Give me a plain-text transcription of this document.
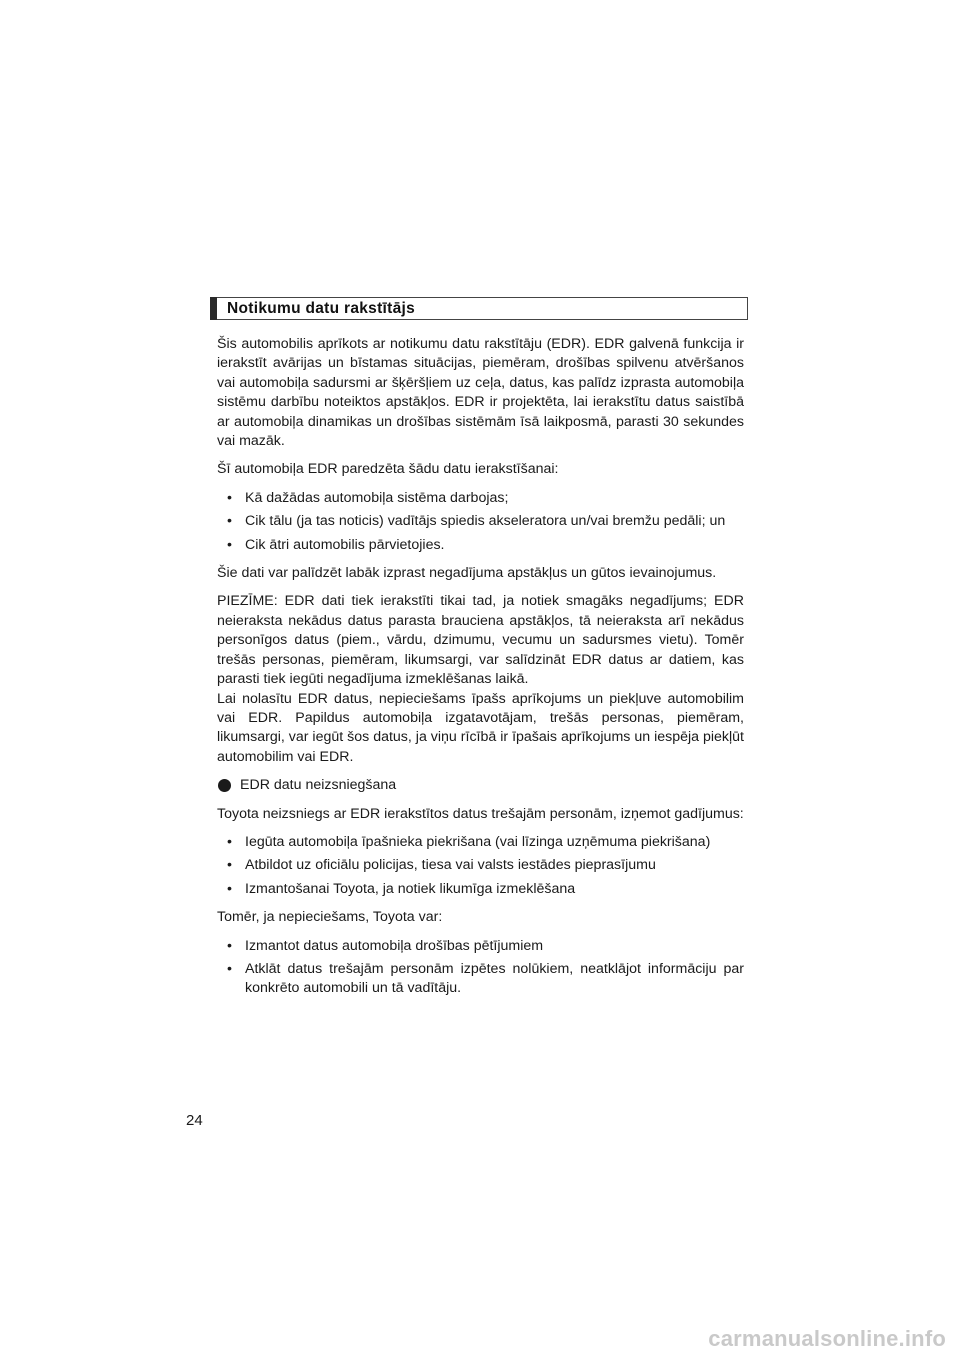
Notikumu datu rakstītājs

Šis automobilis aprīkots ar notikumu datu rakstītāju (EDR). EDR galvenā funkcija ir ierakstīt avārijas un bīstamas situācijas, piemēram, drošības spilvenu atvēršanos vai automobiļa sadursmi ar šķēršļiem uz ceļa, datus, kas palīdz izprasta automobiļa sistēmu darbību noteiktos apstākļos. EDR ir projektēta, lai ierakstītu datus saistībā ar automobiļa dinamikas un drošības sistēmām īsā laikposmā, parasti 30 sekundes vai mazāk.

Šī automobiļa EDR paredzēta šādu datu ierakstīšanai:

• Kā dažādas automobiļa sistēma darbojas;
• Cik tālu (ja tas noticis) vadītājs spiedis akseleratora un/vai bremžu pedāli; un
• Cik ātri automobilis pārvietojies.

Šie dati var palīdzēt labāk izprast negadījuma apstākļus un gūtos ievainojumus.

PIEZĪME: EDR dati tiek ierakstīti tikai tad, ja notiek smagāks negadījums; EDR neieraksta nekādus datus parasta brauciena apstākļos, tā neieraksta arī nekādus personīgos datus (piem., vārdu, dzimumu, vecumu un sadursmes vietu). Tomēr trešās personas, piemēram, likumsargi, var salīdzināt EDR datus ar datiem, kas parasti tiek iegūti negadījuma izmeklēšanas laikā.

Lai nolasītu EDR datus, nepieciešams īpašs aprīkojums un piekļuve automobilim vai EDR. Papildus automobiļa izgatavotājam, trešās personas, piemēram, likumsargi, var iegūt šos datus, ja viņu rīcībā ir īpašais aprīkojums un iespēja piekļūt automobilim vai EDR.

EDR datu neizsniegšana

Toyota neizsniegs ar EDR ierakstītos datus trešajām personām, izņemot gadījumus:

• Iegūta automobiļa īpašnieka piekrišana (vai līzinga uzņēmuma piekrišana)
• Atbildot uz oficiālu policijas, tiesa vai valsts iestādes pieprasījumu
• Izmantošanai Toyota, ja notiek likumīga izmeklēšana

Tomēr, ja nepieciešams, Toyota var:

• Izmantot datus automobiļa drošības pētījumiem
• Atklāt datus trešajām personām izpētes nolūkiem, neatklājot informāciju par konkrēto automobili un tā vadītāju.
24
carmanualsonline.info
